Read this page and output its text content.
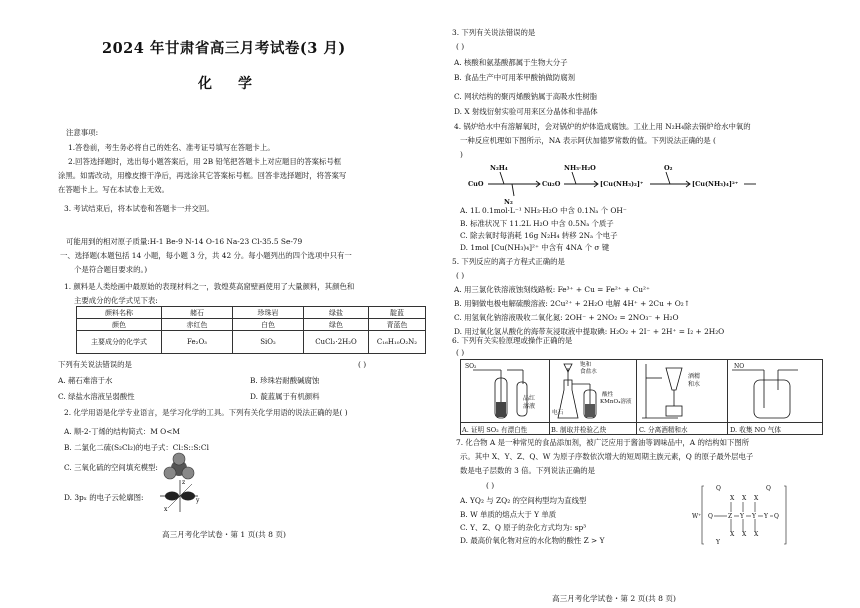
2024 年甘肃省高三月考试卷(3 月)
化学
注意事项:
1.答卷前，考生务必将自己的姓名、准考证号填写在答题卡上。
2.回答选择题时，选出每小题答案后，用 2B 铅笔把答题卡上对应题目的答案标号框
涂黑。如需改动，用橡皮擦干净后，再选涂其它答案标号框。回答非选择题时，将答案写
在答题卡上。写在本试卷上无效。
3. 考试结束后，将本试卷和答题卡一并交回。
可能用到的相对原子质量:H-1 Be-9 N-14 O-16 Na-23 Cl-35.5 Se-79
一、选择题(本题包括 14 小题，每小题 3 分，共 42 分。每小题列出的四个选项中只有一
个是符合题目要求的。)
1. 颜料是人类绘画中最原始的表现材料之一，敦煌莫高窟壁画使用了大量颜料，其颜色和
主要成分的化学式见下表:
颜料名称	赭石	珍珠岩	绿盐	靛蓝
颜色	赤红色	白色	绿色	青蓝色
主要成分的化学式	Fe₂O₃	SiO₂	CuCl₂·2H₂O	C₁₆H₁₀O₂N₂
下列有关说法错误的是	( )
A. 赭石难溶于水	B. 珍珠岩耐酸碱腐蚀
C. 绿盐水溶液呈弱酸性	D. 靛蓝属于有机颜料
2. 化学用语是化学专业语言，是学习化学的工具。下列有关化学用语的说法正确的是( )
A. 顺-2-丁烯的结构简式：M O<M
B. 二氯化二硫(S₂Cl₂)的电子式：Cl:S::S:Cl
C. 三氧化硫的空间填充模型:
D. 3pₓ 的电子云轮廓图:	y
z
x
高三月考化学试卷・第 1 页(共 8 页)
3. 下列有关说法错误的是
( )
A. 核酸和氨基酸都属于生物大分子
B. 食品生产中可用苯甲酸钠做防腐剂
C. 网状结构的聚丙烯酸钠属于高吸水性树脂
D. X 射线衍射实验可用来区分晶体和非晶体
4. 锅炉给水中有溶解氧时，会对锅炉的炉体造成腐蚀。工业上用 N₂H₄除去锅炉给水中氧的
一种反应机理如下图所示，NA 表示阿伏加德罗常数的值。下列说法正确的是 (
)
CuO
N₂H₄
N₂
Cu₂O
NH₃·H₂O
[Cu(NH₃)₂]⁺
O₂
[Cu(NH₃)₄]²⁺
A. 1L 0.1mol·L⁻¹ NH₃·H₂O 中含 0.1Nₐ 个 OH⁻
B. 标准状况下 11.2L H₂O 中含 0.5Nₐ 个质子
C. 除去氧时每消耗 16g N₂H₄ 转移 2Nₐ 个电子
D. 1mol [Cu(NH₃)₄]²⁺ 中含有 4NA 个 σ 键
5. 下列反应的离子方程式正确的是
( )
A. 用三氯化铁溶液蚀刻线路板: Fe³⁺ + Cu = Fe²⁺ + Cu²⁺
B. 用铜做电极电解硫酸溶液: 2Cu²⁺ + 2H₂O 电解 4H⁺ + 2Cu + O₂↑
C. 用氢氧化钠溶液吸收二氧化氮: 2OH⁻ + 2NO₂ = 2NO₃⁻ + H₂O
D. 用过氧化氢从酸化的海带灰浸取液中提取碘: H₂O₂ + 2I⁻ + 2H⁺ = I₂ + 2H₂O
6. 下列有关实验原理或操作正确的是
( )

SO₂
品红
溶液
饱和
食盐水
电石
酸性
KMnO₄溶液
酒精
和水
NO
A. 证明 SO₂ 有漂白性	B. 制取并检验乙炔	C. 分离酒精和水	D. 收集 NO 气体
7. 化合物 A 是一种常见的食品添加剂，被广泛应用于酱油等调味品中，A 的结构如下图所
示。其中 X、Y、Z、Q、W 为原子序数依次增大的短周期主族元素，Q 的原子最外层电子
数是电子层数的 3 倍。下列说法正确的是
( )
A. YQ₂ 与 ZQ₂ 的空间构型均为直线型
B. W 单质的熔点大于 Y 单质
C. Y、Z、Q 原子的杂化方式均为: sp³
D. 最高价氧化物对应的水化物的酸性 Z > Y
W⁺
Q
Q
Q
Q
Z Y Y Y
Y
X X X
X X X
高三月考化学试卷・第 2 页(共 8 页)
